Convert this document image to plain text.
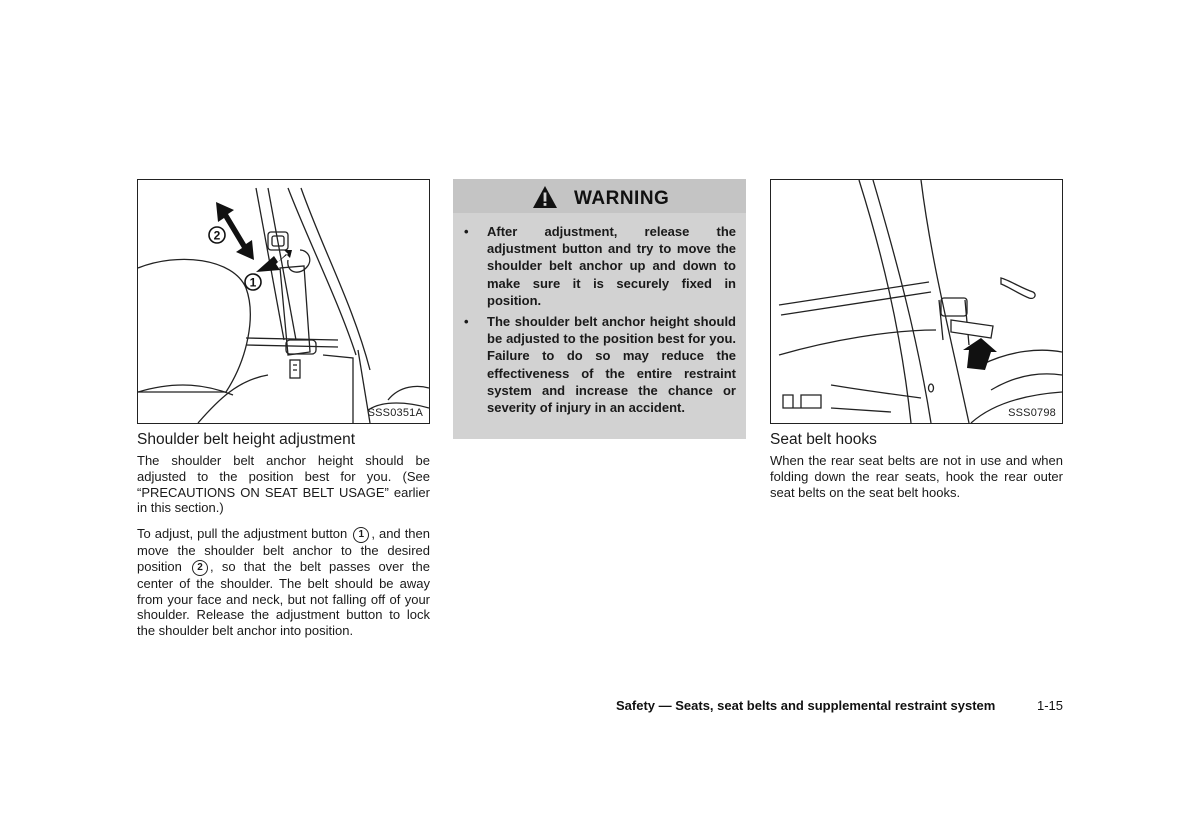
2
1
SSS0351A
Shoulder belt height adjustment
The shoulder belt anchor height should be adjusted to the position best for you. (See “PRECAUTIONS ON SEAT BELT USAGE” earlier in this section.)
To adjust, pull the adjustment button 1 , and then move the shoulder belt anchor to the desired position 2 , so that the belt passes over the center of the shoulder. The belt should be away from your face and neck, but not falling off of your shoulder. Release the adjustment button to lock the shoulder belt anchor into position.
WARNING
• After adjustment, release the adjustment button and try to move the shoulder belt anchor up and down to make sure it is securely fixed in position.
• The shoulder belt anchor height should be adjusted to the position best for you. Failure to do so may reduce the effectiveness of the entire restraint system and increase the chance or severity of injury in an accident.	SSS0798
Seat belt hooks
When the rear seat belts are not in use and when folding down the rear seats, hook the rear outer seat belts on the seat belt hooks.
Safety — Seats, seat belts and supplemental restraint system	1-15
